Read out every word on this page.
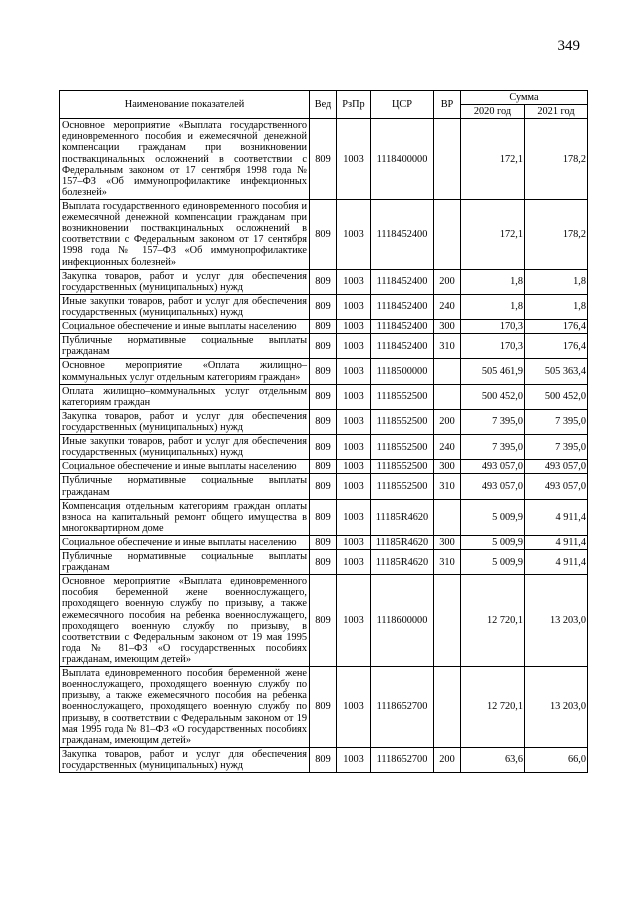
349
Наименование показателей	Вед	РзПр	ЦСР	ВР	Сумма	
					2020 год	2021 год
Основное мероприятие «Выплата государственного единовременного пособия и ежемесячной денежной компенсации гражданам при возникновении поствакцинальных осложнений в соответствии с Федеральным законом от 17 сентября 1998 года № 157–ФЗ «Об иммунопрофилактике инфекционных болезней»	809	1003	1118400000		172,1	178,2
Выплата государственного единовременного пособия и ежемесячной денежной компенсации гражданам при возникновении поствакцинальных осложнений в соответствии с Федеральным законом от 17 сентября 1998 года № 157–ФЗ «Об иммунопрофилактике инфекционных болезней»	809	1003	1118452400		172,1	178,2
Закупка товаров, работ и услуг для обеспечения государственных (муниципальных) нужд	809	1003	1118452400	200	1,8	1,8
Иные закупки товаров, работ и услуг для обеспечения государственных (муниципальных) нужд	809	1003	1118452400	240	1,8	1,8
Социальное обеспечение и иные выплаты населению	809	1003	1118452400	300	170,3	176,4
Публичные нормативные социальные выплаты гражданам	809	1003	1118452400	310	170,3	176,4
Основное мероприятие «Оплата жилищно–коммунальных услуг отдельным категориям граждан»	809	1003	1118500000		505 461,9	505 363,4
Оплата жилищно–коммунальных услуг отдельным категориям граждан	809	1003	1118552500		500 452,0	500 452,0
Закупка товаров, работ и услуг для обеспечения государственных (муниципальных) нужд	809	1003	1118552500	200	7 395,0	7 395,0
Иные закупки товаров, работ и услуг для обеспечения государственных (муниципальных) нужд	809	1003	1118552500	240	7 395,0	7 395,0
Социальное обеспечение и иные выплаты населению	809	1003	1118552500	300	493 057,0	493 057,0
Публичные нормативные социальные выплаты гражданам	809	1003	1118552500	310	493 057,0	493 057,0
Компенсация отдельным категориям граждан оплаты взноса на капитальный ремонт общего имущества в многоквартирном доме	809	1003	11185R4620		5 009,9	4 911,4
Социальное обеспечение и иные выплаты населению	809	1003	11185R4620	300	5 009,9	4 911,4
Публичные нормативные социальные выплаты гражданам	809	1003	11185R4620	310	5 009,9	4 911,4
Основное мероприятие «Выплата единовременного пособия беременной жене военнослужащего, проходящего военную службу по призыву, а также ежемесячного пособия на ребенка военнослужащего, проходящего военную службу по призыву, в соответствии с Федеральным законом от 19 мая 1995 года № 81–ФЗ «О государственных пособиях гражданам, имеющим детей»	809	1003	1118600000		12 720,1	13 203,0
Выплата единовременного пособия беременной жене военнослужащего, проходящего военную службу по призыву, а также ежемесячного пособия на ребенка военнослужащего, проходящего военную службу по призыву, в соответствии с Федеральным законом от 19 мая 1995 года № 81–ФЗ «О государственных пособиях гражданам, имеющим детей»	809	1003	1118652700		12 720,1	13 203,0
Закупка товаров, работ и услуг для обеспечения государственных (муниципальных) нужд	809	1003	1118652700	200	63,6	66,0
